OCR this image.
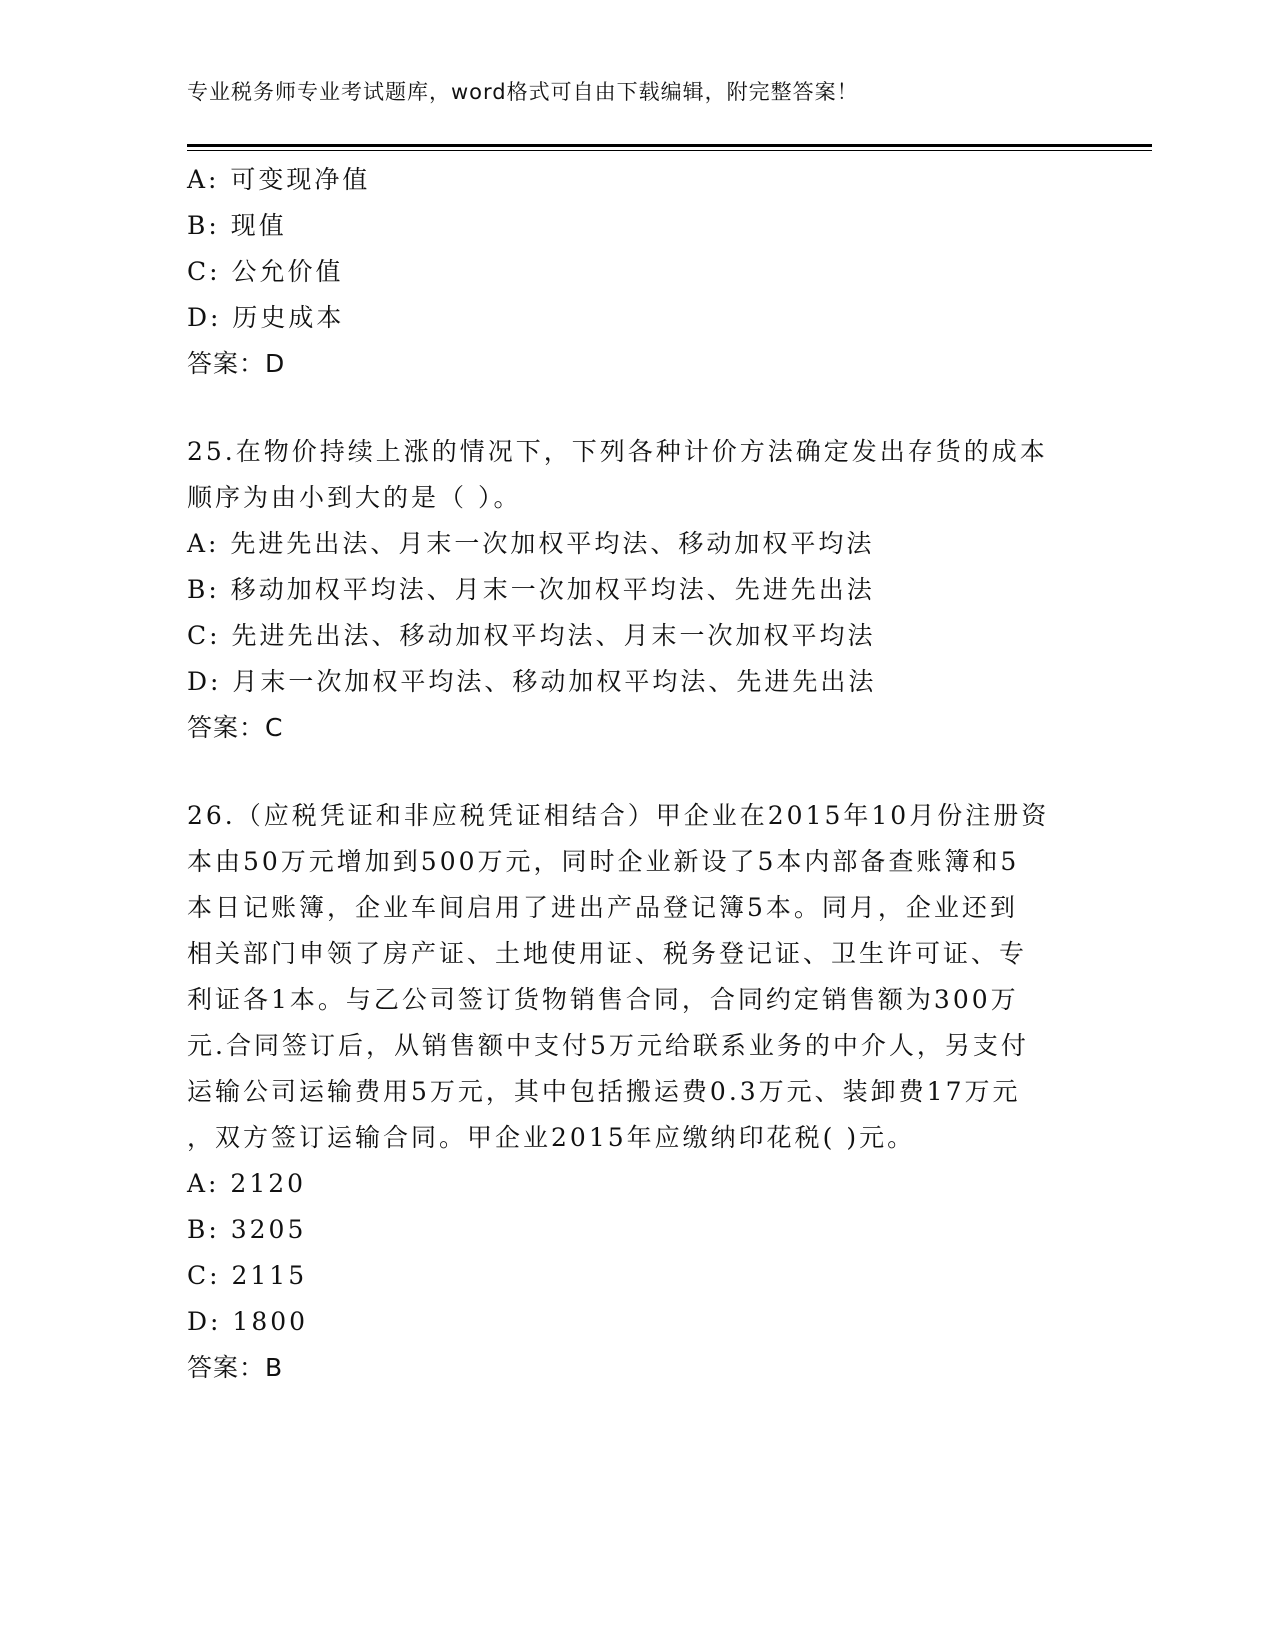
专业税务师专业考试题库，word格式可自由下载编辑，附完整答案！
A: 可变现净值
B: 现值
C: 公允价值
D: 历史成本
答案：D
25.在物价持续上涨的情况下，下列各种计价方法确定发出存货的成本
顺序为由小到大的是（ ）。
A: 先进先出法、月末一次加权平均法、移动加权平均法
B: 移动加权平均法、月末一次加权平均法、先进先出法
C: 先进先出法、移动加权平均法、月末一次加权平均法
D: 月末一次加权平均法、移动加权平均法、先进先出法
答案：C
26.（应税凭证和非应税凭证相结合）甲企业在2015年10月份注册资
本由50万元增加到500万元，同时企业新设了5本内部备查账簿和5
本日记账簿，企业车间启用了进出产品登记簿5本。同月，企业还到
相关部门申领了房产证、土地使用证、税务登记证、卫生许可证、专
利证各1本。与乙公司签订货物销售合同，合同约定销售额为300万
元.合同签订后，从销售额中支付5万元给联系业务的中介人，另支付
运输公司运输费用5万元，其中包括搬运费0.3万元、装卸费17万元
，双方签订运输合同。甲企业2015年应缴纳印花税( )元。
A: 2120
B: 3205
C: 2115
D: 1800
答案：B
